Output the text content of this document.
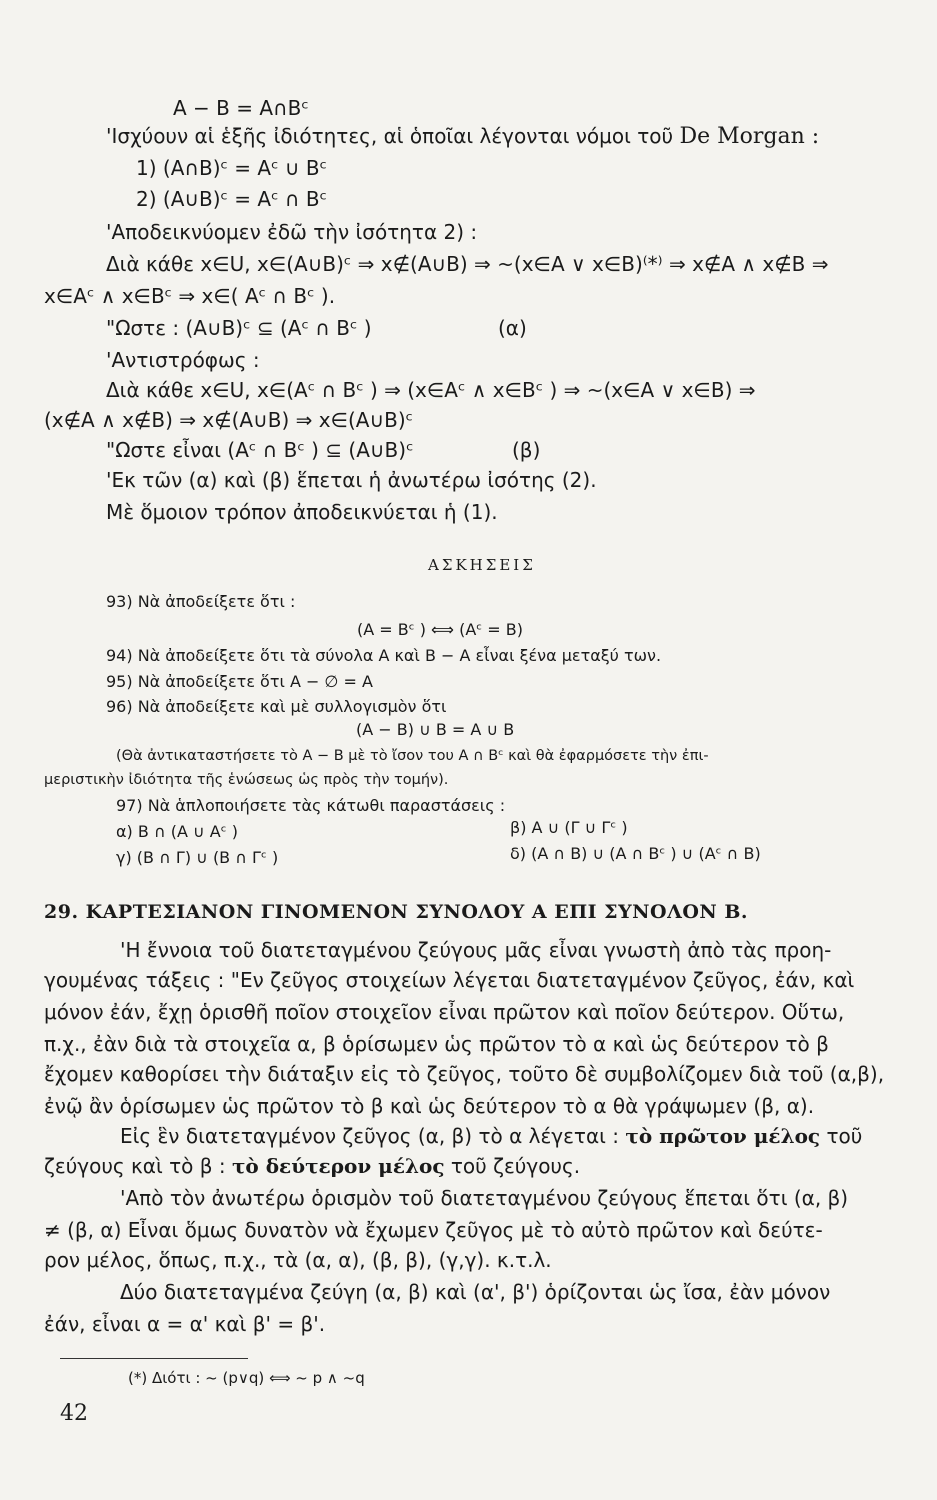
A − B = A∩Bᶜ
'Ισχύουν αἱ ἑξῆς ἰδιότητες, αἱ ὁποῖαι λέγονται νόμοι τοῦ De Morgan :
1) (A∩B)ᶜ = Aᶜ ∪ Bᶜ
2) (A∪B)ᶜ = Aᶜ ∩ Bᶜ
'Αποδεικνύομεν ἐδῶ τὴν ἰσότητα 2) :
Διὰ κάθε x∈U, x∈(A∪B)ᶜ ⇒ x∉(A∪B) ⇒ ~(x∈A ∨ x∈B)⁽*⁾ ⇒ x∉A ∧ x∉B ⇒
x∈Aᶜ ∧ x∈Bᶜ ⇒ x∈( Aᶜ ∩ Bᶜ ).
"Ωστε : (A∪B)ᶜ ⊆ (Aᶜ ∩ Bᶜ )	(α)
'Αντιστρόφως :
Διὰ κάθε x∈U, x∈(Aᶜ ∩ Bᶜ ) ⇒ (x∈Aᶜ ∧ x∈Bᶜ ) ⇒ ~(x∈A ∨ x∈B) ⇒
(x∉A ∧ x∉B) ⇒ x∉(A∪B) ⇒ x∈(A∪B)ᶜ
"Ωστε εἶναι (Aᶜ ∩ Bᶜ ) ⊆ (A∪B)ᶜ	(β)
'Εκ τῶν (α) καὶ (β) ἕπεται ἡ ἀνωτέρω ἰσότης (2).
Μὲ ὅμοιον τρόπον ἀποδεικνύεται ἡ (1).
ΑΣΚΗΣΕΙΣ
93) Νὰ ἀποδείξετε ὅτι :
(A = Bᶜ ) ⟺ (Aᶜ = B)
94) Νὰ ἀποδείξετε ὅτι τὰ σύνολα A καὶ B − A εἶναι ξένα μεταξύ των.
95) Νὰ ἀποδείξετε ὅτι A − ∅ = A
96) Νὰ ἀποδείξετε καὶ μὲ συλλογισμὸν ὅτι
(A − B) ∪ B = A ∪ B
(Θὰ ἀντικαταστήσετε τὸ A − B μὲ τὸ ἴσον του A ∩ Bᶜ καὶ θὰ ἐφαρμόσετε τὴν ἐπι-
μεριστικὴν ἰδιότητα τῆς ἑνώσεως ὡς πρὸς τὴν τομήν).
97) Νὰ ἁπλοποιήσετε τὰς κάτωθι παραστάσεις :
α) B ∩ (A ∪ Aᶜ )	β) A ∪ (Γ ∪ Γᶜ )
γ) (B ∩ Γ) ∪ (B ∩ Γᶜ )	δ) (A ∩ B) ∪ (A ∩ Bᶜ ) ∪ (Aᶜ ∩ B)
29. ΚΑΡΤΕΣΙΑΝΟΝ ΓΙΝΟΜΕΝΟΝ ΣΥΝΟΛΟΥ A ΕΠΙ ΣΥΝΟΛΟΝ B.
'Η ἔννοια τοῦ διατεταγμένου ζεύγους μᾶς εἶναι γνωστὴ ἀπὸ τὰς προη-
γουμένας τάξεις : "Εν ζεῦγος στοιχείων λέγεται διατεταγμένον ζεῦγος, ἐάν, καὶ
μόνον ἐάν, ἔχῃ ὁρισθῆ ποῖον στοιχεῖον εἶναι πρῶτον καὶ ποῖον δεύτερον. Οὕτω,
π.χ., ἐὰν διὰ τὰ στοιχεῖα α, β ὁρίσωμεν ὡς πρῶτον τὸ α καὶ ὡς δεύτερον τὸ β
ἔχομεν καθορίσει τὴν διάταξιν εἰς τὸ ζεῦγος, τοῦτο δὲ συμβολίζομεν διὰ τοῦ (α,β),
ἐνῷ ἂν ὁρίσωμεν ὡς πρῶτον τὸ β καὶ ὡς δεύτερον τὸ α θὰ γράψωμεν (β, α).
Εἰς ἓν διατεταγμένον ζεῦγος (α, β) τὸ α λέγεται : τὸ πρῶτον μέλος τοῦ
ζεύγους καὶ τὸ β : τὸ δεύτερον μέλος τοῦ ζεύγους.
'Απὸ τὸν ἀνωτέρω ὁρισμὸν τοῦ διατεταγμένου ζεύγους ἕπεται ὅτι (α, β)
≠ (β, α) Εἶναι ὅμως δυνατὸν νὰ ἔχωμεν ζεῦγος μὲ τὸ αὐτὸ πρῶτον καὶ δεύτε-
ρον μέλος, ὅπως, π.χ., τὰ (α, α), (β, β), (γ,γ). κ.τ.λ.
Δύο διατεταγμένα ζεύγη (α, β) καὶ (α', β') ὁρίζονται ὡς ἴσα, ἐὰν μόνον
ἐάν, εἶναι α = α' καὶ β' = β'.
(*) Διότι : ~ (p∨q) ⟺ ~ p ∧ ~q
42
